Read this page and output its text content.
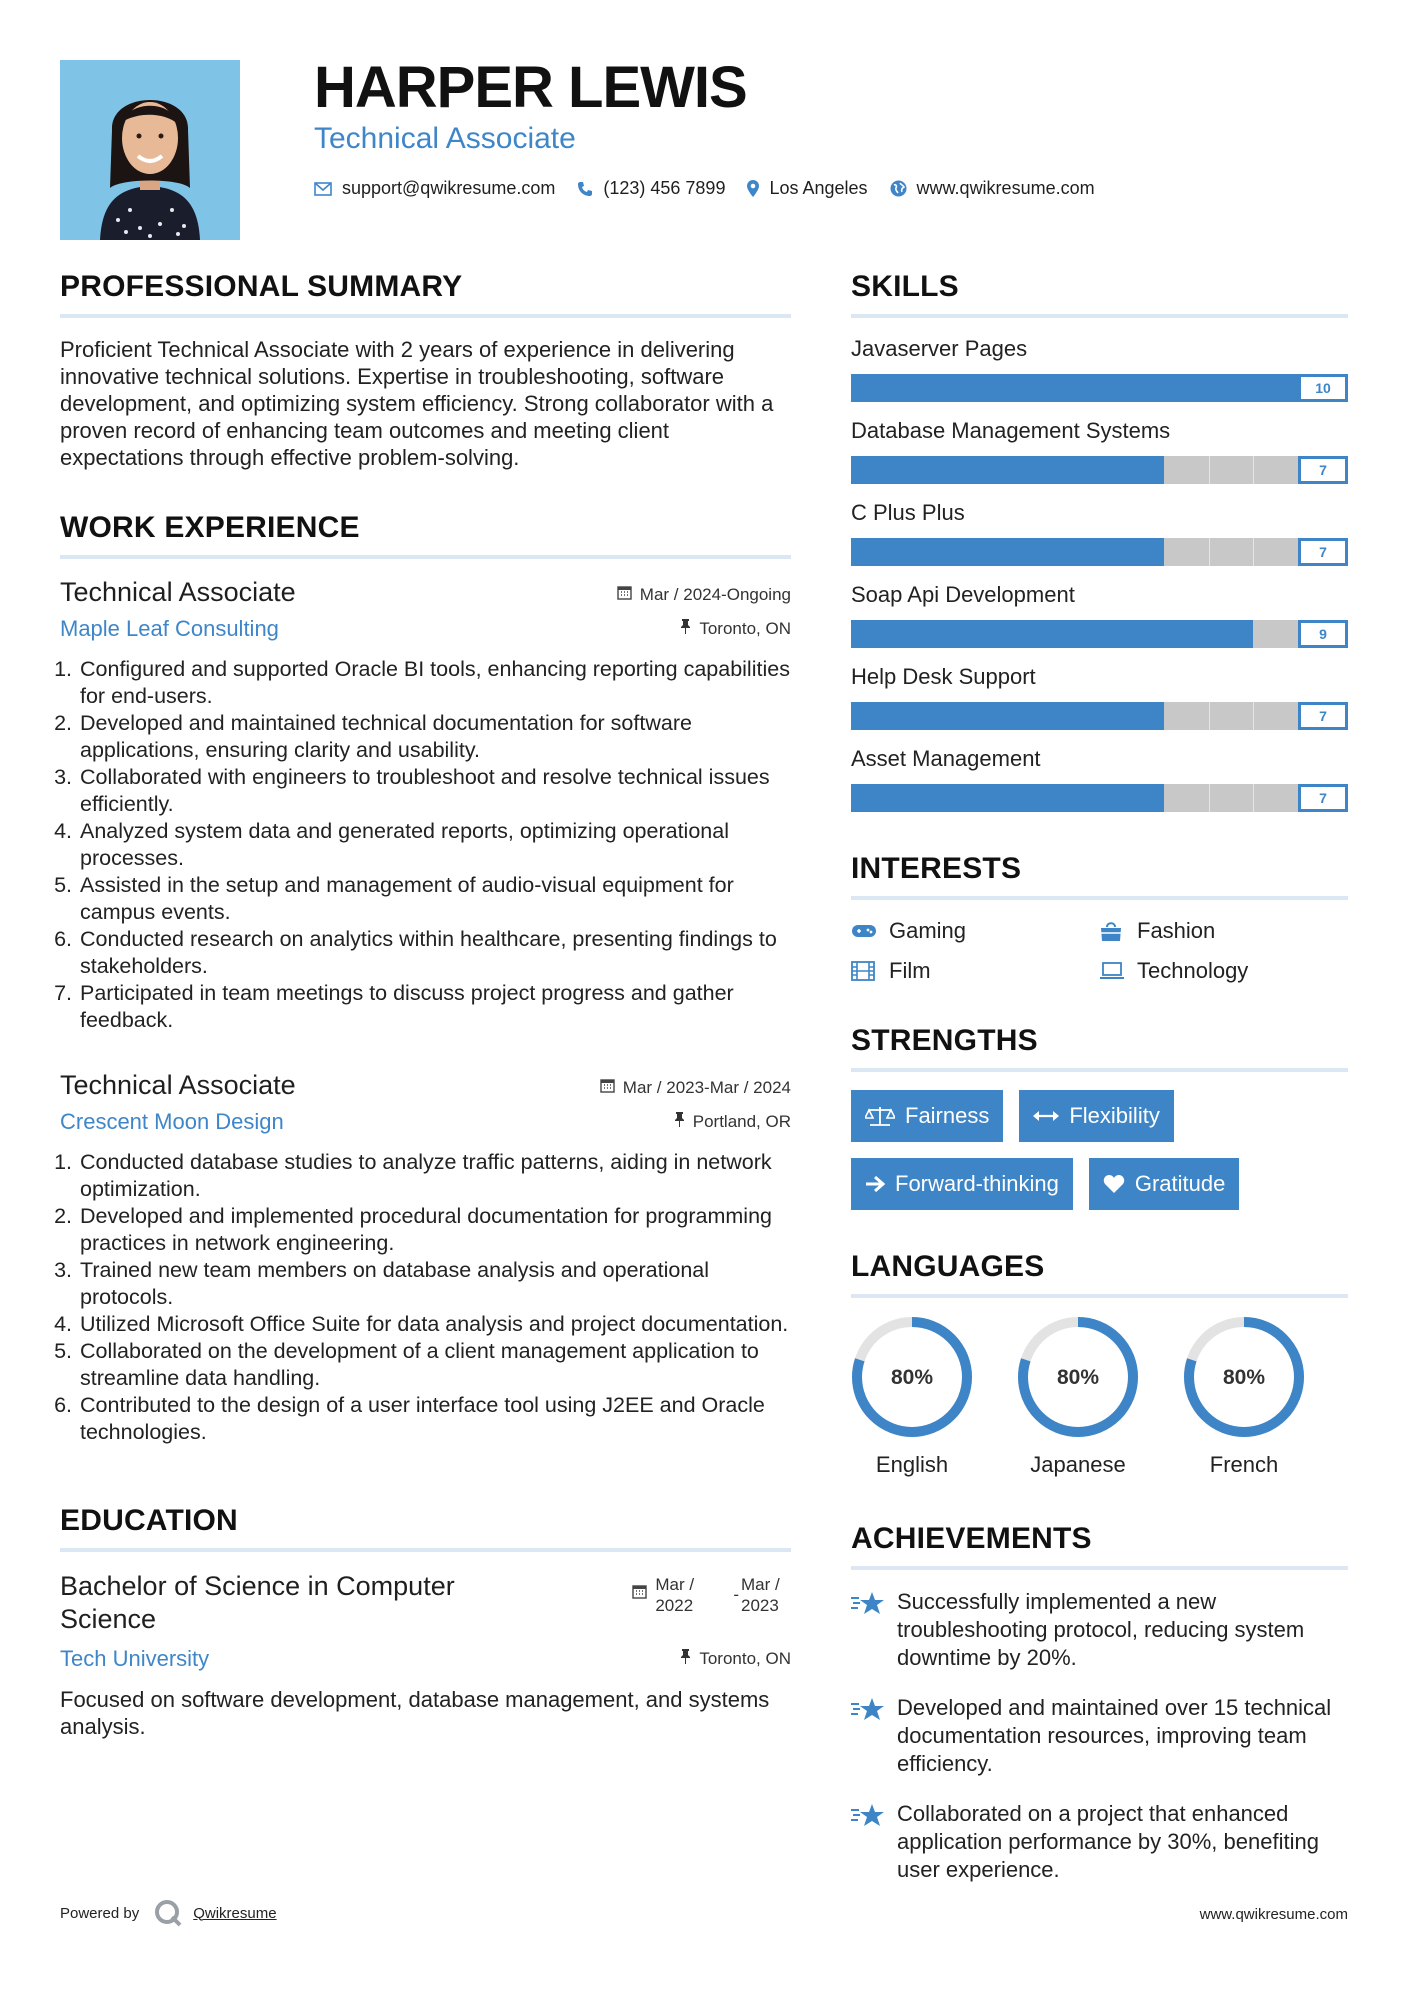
HARPER LEWIS
Technical Associate
support@qwikresume.com	(123) 456 7899 Los Angeles	www.qwikresume.com
PROFESSIONAL SUMMARY

Proficient Technical Associate with 2 years of experience in delivering innovative technical solutions. Expertise in troubleshooting, software development, and optimizing system efficiency. Strong collaborator with a proven record of enhancing team outcomes and meeting client expectations through effective problem-solving.

WORK EXPERIENCE
Technical Associate	Mar / 2024-Ongoing
Maple Leaf Consulting	Toronto, ON
1. Configured and supported Oracle BI tools, enhancing reporting capabilities for end-users.
2. Developed and maintained technical documentation for software applications, ensuring clarity and usability.
3. Collaborated with engineers to troubleshoot and resolve technical issues efficiently.
4. Analyzed system data and generated reports, optimizing operational processes.
5. Assisted in the setup and management of audio-visual equipment for campus events.
6. Conducted research on analytics within healthcare, presenting findings to stakeholders.
7. Participated in team meetings to discuss project progress and gather feedback.
Technical Associate	Mar / 2023-Mar / 2024
Crescent Moon Design	Portland, OR
1. Conducted database studies to analyze traffic patterns, aiding in network optimization.
2. Developed and implemented procedural documentation for programming practices in network engineering.
3. Trained new team members on database analysis and operational protocols.
4. Utilized Microsoft Office Suite for data analysis and project documentation.
5. Collaborated on the development of a client management application to streamline data handling.
6. Contributed to the design of a user interface tool using J2EE and Oracle technologies.
EDUCATION
Bachelor of Science in Computer Science
Mar / 2022
-
Mar / 2023
Tech University	Toronto, ON

Focused on software development, database management, and systems analysis.

SKILLS
Javaserver Pages
10
Database Management Systems
7
C Plus Plus
7
Soap Api Development
9
Help Desk Support
7
Asset Management
7
INTERESTS
Gaming	Fashion
Film	Technology
STRENGTHS
Fairness	Flexibility
Forward-thinking	Gratitude
LANGUAGES
80%
English
80%
Japanese
80%
French
ACHIEVEMENTS
Successfully implemented a new troubleshooting protocol, reducing system downtime by 20%.
Developed and maintained over 15 technical documentation resources, improving team efficiency.
Collaborated on a project that enhanced application performance by 30%, benefiting user experience.
Powered by	Qwikresume	www.qwikresume.com
